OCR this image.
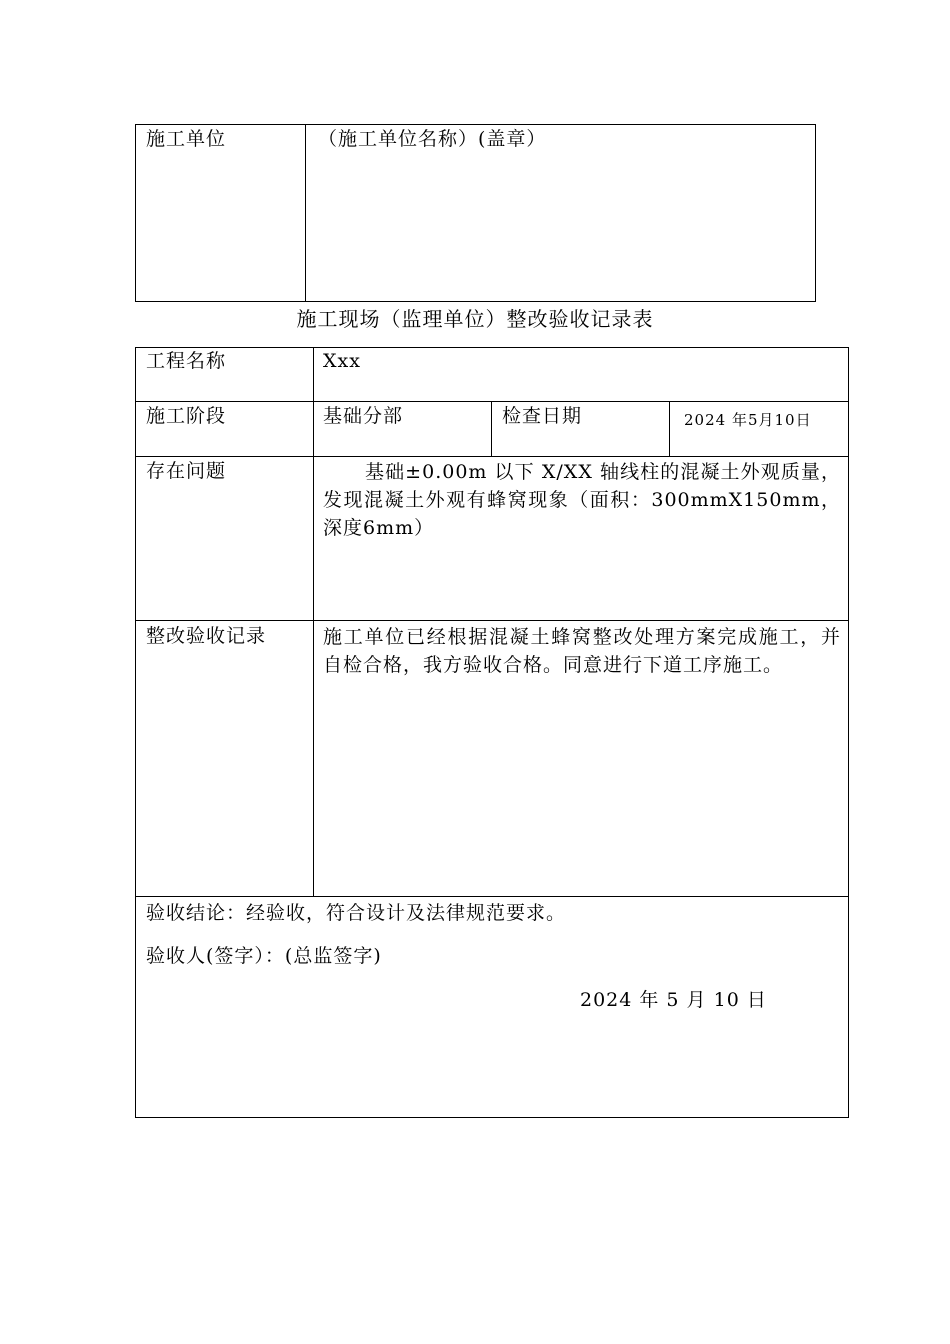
施工单位	（施工单位名称）(盖章）
施工现场（监理单位）整改验收记录表
工程名称	Xxx
施工阶段	基础分部	检查日期	2024 年5月10日
存在问题	基础±0.00m 以下 X/XX 轴线柱的混凝土外观质量，发现混凝土外观有蜂窝现象（面积：300mmX150mm，深度6mm）
整改验收记录	施工单位已经根据混凝土蜂窝整改处理方案完成施工，并自检合格，我方验收合格。同意进行下道工序施工。
验收结论：经验收，符合设计及法律规范要求。
验收人(签字）：(总监签字)
2024 年 5 月 10 日
